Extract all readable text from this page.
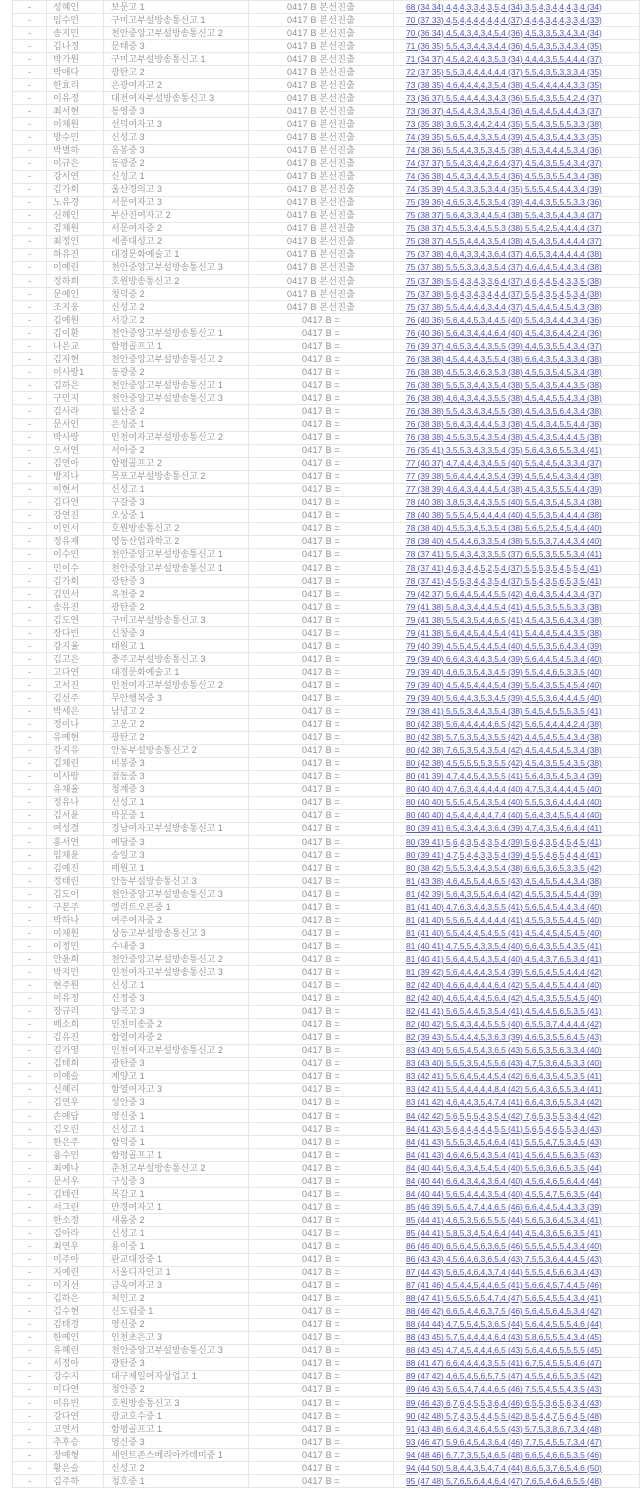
-	성혜인	보문고 1	0417 B 본선진출	68 (34 34) 4,4,4,3,3,4,3,5,4 (34) 3,5,4,3,4,4,4,3,4 (34)
-	임수민	구미고부설방송통신고 1	0417 B 본선진출	70 (37 33) 4,5,4,4,4,4,4,4,4 (37) 4,4,4,3,4,4,3,3,4 (33)
-	송지민	천안중앙고부설방송통신고 2	0417 B 본선진출	70 (36 34) 4,5,4,3,4,3,4,5,4 (36) 4,5,3,3,5,3,4,3,4 (34)
-	김나경	문태중 3	0417 B 본선진출	71 (36 35) 5,5,4,3,4,4,3,4,4 (36) 4,5,4,3,5,3,4,3,4 (35)
-	박가원	구미고부설방송통신고 1	0417 B 본선진출	71 (34 37) 4,5,4,2,4,4,3,5,3 (34) 4,4,4,3,5,5,4,4,4 (37)
-	박애다	광탄고 2	0417 B 본선진출	72 (37 35) 5,5,3,4,4,4,4,4,4 (37) 5,5,4,3,5,3,3,3,4 (35)
-	한효리	은광여자고 2	0417 B 본선진출	73 (38 35) 4,6,4,4,4,4,3,5,4 (38) 4,5,4,4,4,4,4,3,3 (35)
-	이유정	대전여자부설방송통신고 3	0417 B 본선진출	73 (36 37) 5,5,4,4,4,4,3,4,3 (36) 5,5,4,3,5,5,4,2,4 (37)
-	최서현	동영중 3	0417 B 본선진출	73 (36 37) 4,5,4,4,3,4,3,5,4 (36) 4,5,4,4,5,4,4,4,3 (37)
-	이채원	선덕여자고 3	0417 B 본선진출	73 (35 38) 3,6,5,3,4,4,2,4,4 (35) 5,5,4,3,5,5,5,3,3 (38)
-	방수민	신성고 3	0417 B 본선진출	74 (39 35) 5,6,5,4,4,3,3,5,4 (39) 4,5,4,3,5,4,4,3,3 (35)
-	박별하	음봉중 3	0417 B 본선진출	74 (38 36) 5,5,4,4,3,5,3,4,5 (38) 4,5,3,4,4,4,5,3,4 (36)
-	이규은	동광중 2	0417 B 본선진출	74 (37 37) 5,5,4,3,4,4,2,6,4 (37) 4,5,4,3,5,5,4,3,4 (37)
-	강서연	신성고 1	0417 B 본선진출	74 (36 38) 4,5,4,3,4,4,3,5,4 (36) 4,5,5,3,5,5,4,3,4 (38)
-	김가희	울산경의고 3	0417 B 본선진출	74 (35 39) 4,5,4,3,3,5,3,4,4 (35) 5,5,5,4,5,4,4,3,4 (39)
-	노유경	서문여자고 3	0417 B 본선진출	75 (39 36) 4,6,5,3,4,5,3,5,4 (39) 4,4,4,3,5,5,5,3,3 (36)
-	신해인	부산진여자고 2	0417 B 본선진출	75 (38 37) 5,6,4,3,3,4,4,5,4 (38) 5,5,4,3,5,4,4,3,4 (37)
-	김채원	서문여자중 2	0417 B 본선진출	75 (38 37) 4,5,5,3,4,4,5,5,3 (38) 5,5,4,2,5,4,4,4,4 (37)
-	최정인	세종대성고 2	0417 B 본선진출	75 (38 37) 4,5,5,4,4,4,3,5,4 (38) 4,5,4,3,5,4,4,4,4 (37)
-	하유진	대경문화예술고 1	0417 B 본선진출	75 (37 38) 4,6,4,3,3,4,3,6,4 (37) 4,6,5,3,4,4,4,4,4 (38)
-	이예린	천안중앙고부설방송통신고 3	0417 B 본선진출	75 (37 38) 5,5,5,3,3,4,3,5,4 (37) 4,6,4,4,5,4,4,3,4 (38)
-	정하희	호원방송통신고 2	0417 B 본선진출	75 (37 38) 5,5,4,3,4,3,3,6,4 (37) 4,6,4,4,5,4,3,3,5 (38)
-	문예인	청덕중 2	0417 B 본선진출	75 (37 38) 5,6,4,3,4,3,4,4,4 (37) 5,5,4,3,5,4,5,3,4 (38)
-	조지웅	신성고 2	0417 B 본선진출	75 (37 38) 5,5,4,4,4,4,3,4,4 (37) 4,5,4,4,5,4,5,4,3 (38)
-	김예원	서강고 2	0417 B =	76 (40 36) 5,6,4,4,5,3,4,4,5 (40) 5,5,4,3,4,4,4,3,4 (36)
-	김이환	천안중앙고부설방송통신고 1	0417 B =	76 (40 36) 5,6,4,3,4,4,4,6,4 (40) 4,5,4,3,6,4,4,2,4 (36)
-	나은교	함평골프고 1	0417 B =	76 (39 37) 4,6,5,3,4,4,3,5,5 (39) 4,4,5,3,5,5,4,3,4 (37)
-	김지현	천안중앙고부설방송통신고 2	0417 B =	76 (38 38) 4,5,4,4,4,3,5,5,4 (38) 6,6,4,3,5,4,3,3,4 (38)
-	이사랑1	동광중 2	0417 B =	76 (38 38) 4,5,5,3,4,6,3,5,3 (38) 4,5,5,3,5,4,5,3,4 (38)
-	김하은	천안중앙고부설방송통신고 1	0417 B =	76 (38 38) 5,5,5,3,4,4,3,5,4 (38) 5,5,4,3,5,4,4,3,5 (38)
-	구민지	천안중앙고부설방송통신고 3	0417 B =	76 (38 38) 4,6,4,3,4,4,3,5,5 (38) 4,5,4,4,5,5,4,3,4 (38)
-	김사라	월산중 2	0417 B =	76 (38 38) 5,5,4,3,4,3,4,5,5 (38) 4,5,4,3,5,6,4,3,4 (38)
-	문서인	은성중 1	0417 B =	76 (38 38) 5,6,4,3,4,4,4,5,3 (38) 4,5,4,3,4,5,5,4,4 (38)
-	박사랑	인천여자고부설방송통신고 2	0417 B =	76 (38 38) 4,5,5,3,5,4,3,5,4 (38) 4,5,4,3,5,4,4,4,5 (38)
-	오서연	서아중 2	0417 B =	76 (35 41) 3,5,5,3,4,3,3,5,4 (35) 5,6,4,3,6,5,5,3,4 (41)
-	김연아	함평골프고 2	0417 B =	77 (40 37) 4,7,4,4,4,3,4,5,5 (40) 5,5,4,4,5,4,3,3,4 (37)
-	방지나	목포고부설방송통신고 2	0417 B =	77 (39 38) 5,6,4,4,4,4,3,5,4 (39) 4,5,5,4,5,4,3,4,4 (38)
-	이현서	신성고 1	0417 B =	77 (38 39) 4,6,4,3,4,4,4,5,4 (38) 4,5,4,3,5,5,5,4,4 (39)
-	김다연	구갈중 3	0417 B =	78 (40 38) 3,8,5,3,4,4,3,5,5 (40) 5,5,4,3,5,4,5,3,4 (38)
-	강연진	오상중 1	0417 B =	78 (40 38) 5,5,5,4,5,4,4,4,4 (40) 4,5,5,3,5,4,4,4,4 (38)
-	이인서	호원방송통신고 2	0417 B =	78 (38 40) 4,5,5,3,4,5,3,5,4 (38) 5,6,5,2,5,4,5,4,4 (40)
-	정유재	영동산업과학고 2	0417 B =	78 (38 40) 4,5,4,4,6,3,3,5,4 (38) 5,5,5,3,7,4,4,3,4 (40)
-	이수민	천안중앙고부설방송통신고 1	0417 B =	78 (37 41) 5,5,4,3,4,3,3,5,5 (37) 6,5,5,3,5,5,5,3,4 (41)
-	민이수	천안중앙고부설방송통신고 1	0417 B =	78 (37 41) 4,6,3,4,4,5,2,5,4 (37) 5,5,5,3,5,4,5,5,4 (41)
-	김가희	광탄중 3	0417 B =	78 (37 41) 4,5,5,3,4,4,3,5,4 (37) 5,5,4,3,5,6,5,3,5 (41)
-	김민서	옥천중 2	0417 B =	79 (42 37) 5,6,4,4,5,4,4,5,5 (42) 4,6,4,3,5,4,4,3,4 (37)
-	송유진	광탄중 2	0417 B =	79 (41 38) 5,8,4,3,4,4,4,5,4 (41) 4,5,5,3,5,5,5,3,3 (38)
-	김도연	구미고부설방송통신고 3	0417 B =	79 (41 38) 5,5,4,3,5,4,4,6,5 (41) 4,5,4,3,5,6,4,3,4 (38)
-	장다빈	신창중 3	0417 B =	79 (41 38) 5,6,4,4,5,4,4,5,4 (41) 5,4,4,4,5,4,4,3,5 (38)
-	강지율	태원고 1	0417 B =	79 (40 39) 4,5,5,4,5,4,4,5,4 (40) 4,5,5,3,5,6,4,3,4 (39)
-	김고은	충주고부설방송통신고 3	0417 B =	79 (39 40) 6,6,4,3,4,4,3,5,4 (39) 5,6,4,4,5,4,5,3,4 (40)
-	고다연	대경문화예술고 1	0417 B =	79 (39 40) 4,6,5,3,5,4,3,4,5 (39) 5,5,4,4,6,5,3,3,5 (40)
-	고서진	인천여자고부설방송통신고 2	0417 B =	79 (39 40) 4,5,4,5,4,4,4,5,4 (39) 5,5,4,3,5,5,4,5,4 (40)
-	김선주	무안행복중 3	0417 B =	79 (39 40) 5,6,4,4,3,5,3,4,5 (39) 4,5,5,3,6,4,4,4,5 (40)
-	박세은	남녕고 2	0417 B =	79 (38 41) 5,5,5,3,4,4,3,5,4 (38) 5,4,5,4,5,5,5,3,5 (41)
-	정이나	고운고 2	0417 B =	80 (42 38) 5,6,4,4,4,4,4,6,5 (42) 5,6,5,4,4,4,4,2,4 (38)
-	유예현	광탄고 2	0417 B =	80 (42 38) 5,7,5,3,5,4,3,5,5 (42) 4,4,5,4,5,5,4,3,4 (38)
-	강지유	안동부설방송통신고 2	0417 B =	80 (42 38) 7,6,5,3,5,4,3,5,4 (42) 4,5,4,4,5,4,5,3,4 (38)
-	김채린	비봉중 3	0417 B =	80 (42 38) 4,5,5,5,5,5,3,5,5 (42) 4,5,4,3,5,5,4,3,5 (38)
-	이사랑	점동중 3	0417 B =	80 (41 39) 4,7,4,4,5,4,3,5,5 (41) 5,6,4,3,5,4,5,3,4 (39)
-	유채율	청계중 3	0417 B =	80 (40 40) 4,7,6,3,4,4,4,4,4 (40) 4,7,5,3,4,4,4,4,5 (40)
-	정유나	신성고 1	0417 B =	80 (40 40) 5,5,5,4,5,4,3,5,4 (40) 5,5,5,3,6,4,4,4,4 (40)
-	김서윤	박문중 1	0417 B =	80 (40 40) 4,5,4,4,4,4,4,7,4 (40) 5,6,4,3,4,5,5,4,4 (40)
-	여성결	경남여자고부설방송통신고 1	0417 B =	80 (39 41) 6,5,4,3,4,4,3,6,4 (39) 4,7,4,3,5,4,6,4,4 (41)
-	홍서연	예당중 3	0417 B =	80 (39 41) 5,6,4,3,5,4,3,5,4 (39) 5,6,4,3,5,4,5,4,5 (41)
-	임채윤	숭일고 3	0417 B =	80 (39 41) 4,7,5,4,4,3,3,5,4 (39) 4,5,5,4,6,5,4,4,4 (41)
-	김예진	매원고 1	0417 B =	80 (38 42) 5,5,5,3,4,4,3,5,4 (38) 6,6,5,3,6,5,3,3,5 (42)
-	정태린	안동부설방송통신고 3	0417 B =	81 (43 38) 4,6,4,5,5,4,4,6,5 (43) 4,5,4,5,5,4,4,3,4 (38)
-	김도이	천안중앙고부설방송통신고 3	0417 B =	81 (42 39) 5,6,4,3,5,5,4,6,4 (42) 4,5,5,3,5,4,5,4,4 (39)
-	구본주	엘리트오픈중 1	0417 B =	81 (41 40) 4,7,6,3,4,4,3,5,5 (41) 5,6,5,4,5,4,4,3,4 (40)
-	박하나	여주여자중 2	0417 B =	81 (41 40) 5,5,6,5,4,4,4,4,4 (41) 4,5,5,3,5,5,4,4,5 (40)
-	이채원	상동고부설방송통신고 3	0417 B =	81 (41 40) 5,5,4,4,4,5,4,5,5 (41) 4,5,4,4,5,4,5,4,5 (40)
-	이정민	수내중 3	0417 B =	81 (40 41) 4,7,5,5,4,3,3,5,4 (40) 6,6,4,3,5,5,4,3,5 (41)
-	안윤희	천안중앙고부설방송통신고 2	0417 B =	81 (40 41) 5,6,4,4,5,4,3,5,4 (40) 4,5,4,3,7,6,5,3,4 (41)
-	박지민	인천여자고부설방송통신고 3	0417 B =	81 (39 42) 5,6,4,4,4,4,3,5,4 (39) 5,6,5,4,5,5,4,4,4 (42)
-	현주원	신성고 1	0417 B =	82 (42 40) 4,6,6,4,4,4,4,6,4 (42) 5,5,4,4,5,5,4,4,4 (40)
-	이유정	신정중 3	0417 B =	82 (42 40) 4,6,5,4,4,4,5,6,4 (42) 4,5,4,3,5,5,5,4,5 (40)
-	장규리	양곡고 3	0417 B =	82 (41 41) 5,6,5,4,4,5,3,5,4 (41) 4,5,4,4,5,6,5,3,5 (41)
-	배소희	인천미송중 2	0417 B =	82 (40 42) 5,5,4,3,4,4,5,5,5 (40) 6,5,5,3,7,4,4,4,4 (42)
-	김유진	함열여자중 2	0417 B =	82 (39 43) 5,5,4,4,4,5,3,6,3 (39) 4,6,5,3,5,5,6,4,5 (43)
-	김가영	인천여자고부설방송통신고 2	0417 B =	83 (43 40) 5,6,5,4,5,4,3,6,5 (43) 5,6,5,3,5,6,3,3,4 (40)
-	김태희	광탄중 3	0417 B =	83 (43 40) 5,5,5,3,5,4,5,5,6 (43) 4,7,5,3,6,4,5,3,3 (40)
-	이예슬	계양고 1	0417 B =	83 (42 41) 5,5,6,4,5,4,4,5,4 (42) 6,6,4,3,5,4,5,3,5 (41)
-	신혜리	함열여자고 3	0417 B =	83 (42 41) 5,5,4,4,4,4,4,8,4 (42) 5,6,4,3,6,5,5,3,4 (41)
-	김연우	성안중 3	0417 B =	83 (41 42) 4,6,4,4,3,5,4,7,4 (41) 6,6,4,3,6,5,5,3,4 (42)
-	손예담	영신중 1	0417 B =	84 (42 42) 5,6,5,5,5,4,3,5,4 (42) 7,6,5,3,5,5,3,4,4 (42)
-	김오린	신성고 1	0417 B =	84 (41 43) 5,6,4,4,4,4,4,5,5 (41) 5,6,5,4,6,5,5,3,4 (43)
-	한은주	함덕중 1	0417 B =	84 (41 43) 5,5,5,3,4,5,4,6,4 (41) 5,5,5,4,7,5,3,4,5 (43)
-	용수민	함평골프고 1	0417 B =	84 (41 43) 4,6,4,6,5,4,3,5,4 (41) 4,5,6,4,5,5,6,3,5 (43)
-	최예나	춘천고부설방송통신고 2	0417 B =	84 (40 44) 5,6,4,3,4,5,4,5,4 (40) 5,5,6,3,6,6,5,3,5 (44)
-	문서우	구성중 3	0417 B =	84 (40 44) 6,6,4,3,4,4,3,6,4 (40) 4,5,6,4,6,5,6,4,4 (44)
-	김태린	목감고 1	0417 B =	84 (40 44) 5,6,5,4,4,4,3,5,4 (40) 4,5,5,4,7,5,6,3,5 (44)
-	서그린	만경여자고 1	0417 B =	85 (46 39) 5,6,5,4,7,4,4,6,5 (46) 6,6,4,4,5,4,4,3,3 (39)
-	한소정	새롬중 2	0417 B =	85 (44 41) 4,6,5,3,5,6,5,5,5 (44) 5,6,5,3,6,4,5,3,4 (41)
-	김아라	신성고 1	0417 B =	85 (44 41) 5,8,5,3,4,5,4,6,4 (44) 4,5,4,3,6,5,6,3,5 (41)
-	최연우	용이중 1	0417 B =	86 (46 40) 6,5,6,4,5,6,3,6,5 (46) 5,5,5,4,5,5,4,3,4 (40)
-	이주아	판교대장중 1	0417 B =	86 (43 43) 4,5,6,4,6,3,6,5,4 (43) 7,5,5,3,6,4,4,4,5 (43)
-	지예린	서울디자인고 1	0417 B =	87 (44 43) 5,6,5,4,6,4,3,7,4 (44) 5,5,5,4,5,6,6,3,4 (43)
-	이지선	금옥여자고 3	0417 B =	87 (41 46) 4,5,4,4,5,4,4,6,5 (41) 5,6,6,4,5,7,4,4,5 (46)
-	김하은	처인고 2	0417 B =	88 (47 41) 5,6,5,5,6,5,4,7,4 (47) 5,6,5,4,5,5,4,3,4 (41)
-	김수현	신도림중 1	0417 B =	88 (46 42) 6,6,5,4,4,6,3,7,5 (46) 5,6,4,5,6,4,5,3,4 (42)
-	김태경	영신중 2	0417 B =	88 (44 44) 4,7,5,5,4,5,3,6,5 (44) 5,6,4,4,5,5,5,4,6 (44)
-	한예인	인천초은고 3	0417 B =	88 (43 45) 5,7,5,4,4,4,4,6,4 (43) 5,8,6,5,5,5,4,3,4 (45)
-	유혜린	천안중앙고부설방송통신고 3	0417 B =	88 (43 45) 4,7,4,5,4,4,4,6,5 (43) 5,6,4,4,6,5,5,5,5 (45)
-	서정아	광탄중 3	0417 B =	88 (41 47) 6,6,4,4,4,4,3,5,5 (41) 6,7,5,4,5,5,5,4,6 (47)
-	강수지	대구제일여자상업고 1	0417 B =	89 (47 42) 4,6,5,4,5,6,5,7,5 (47) 4,5,5,4,6,5,5,3,5 (42)
-	이다연	청안중 2	0417 B =	89 (46 43) 5,6,5,4,7,4,4,6,5 (46) 7,5,5,4,5,5,4,3,5 (43)
-	이유빈	호원방송통신고 3	0417 B =	89 (46 43) 6,7,6,4,5,5,3,6,4 (46) 6,5,5,3,6,5,6,3,4 (43)
-	강다연	광교호수중 1	0417 B =	90 (42 48) 5,7,4,3,5,4,4,5,5 (42) 8,5,4,4,7,5,6,4,5 (48)
-	고연서	함평골프고 1	0417 B =	91 (43 48) 6,6,4,3,4,6,4,5,5 (43) 5,7,5,3,8,6,7,3,4 (48)
-	추후승	영신중 3	0417 B =	93 (46 47) 5,9,6,4,5,4,3,6,4 (46) 7,7,5,4,5,5,7,3,4 (47)
-	장예형	세인트존스베리아카데미중 1	0417 B =	94 (48 46) 6,7,7,3,5,5,4,6,5 (48) 6,6,5,4,6,6,5,3,5 (46)
-	황은슬	신성고 2	0417 B =	94 (44 50) 5,8,4,4,3,5,4,7,4 (44) 8,6,5,3,7,6,5,4,6 (50)
-	김주하	청호중 1	0417 B =	95 (47 48) 5,7,6,5,6,4,4,6,4 (47) 7,6,5,4,6,4,6,5,5 (48)
